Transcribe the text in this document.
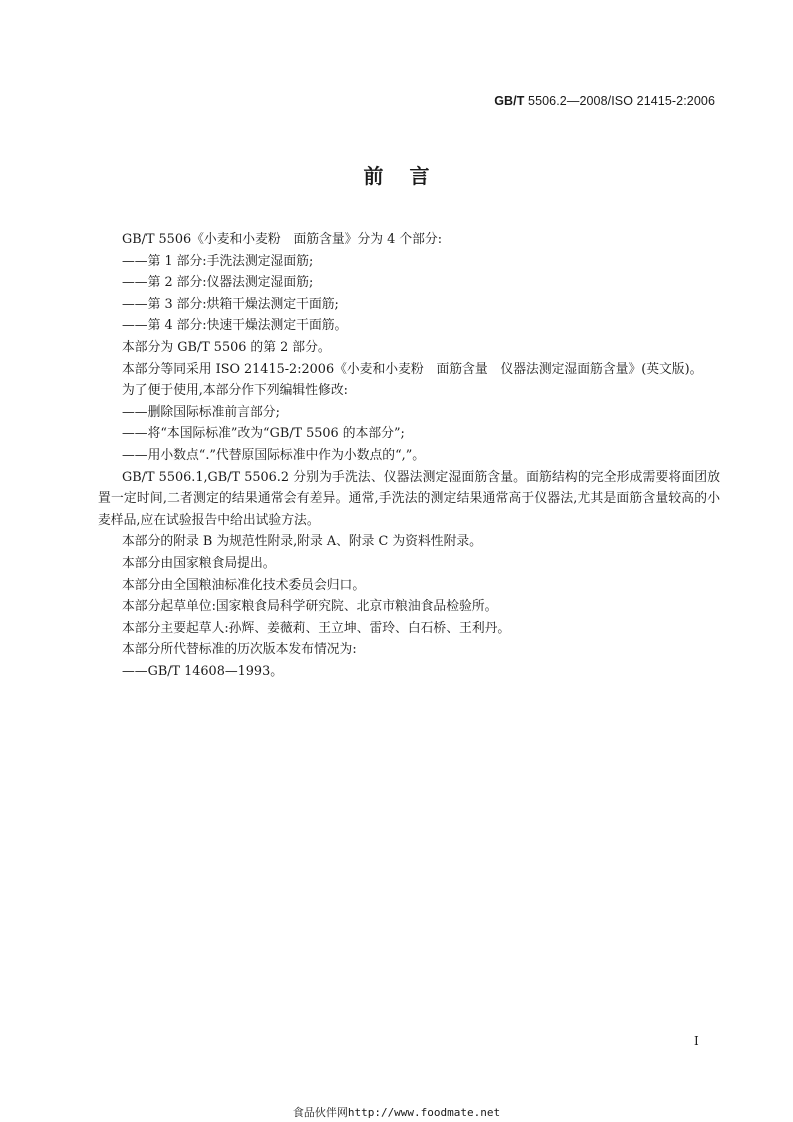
GB/T 5506.2—2008/ISO 21415-2:2006
前言

GB/T 5506《小麦和小麦粉　面筋含量》分为 4 个部分:

——第 1 部分:手洗法测定湿面筋;

——第 2 部分:仪器法测定湿面筋;

——第 3 部分:烘箱干燥法测定干面筋;

——第 4 部分:快速干燥法测定干面筋。

本部分为 GB/T 5506 的第 2 部分。

本部分等同采用 ISO 21415-2:2006《小麦和小麦粉　面筋含量　仪器法测定湿面筋含量》(英文版)。

为了便于使用,本部分作下列编辑性修改:

——删除国际标准前言部分;

——将“本国际标准”改为“GB/T 5506 的本部分”;

——用小数点“.”代替原国际标准中作为小数点的“,”。

GB/T 5506.1,GB/T 5506.2 分别为手洗法、仪器法测定湿面筋含量。面筋结构的完全形成需要将面团放置一定时间,二者测定的结果通常会有差异。通常,手洗法的测定结果通常高于仪器法,尤其是面筋含量较高的小麦样品,应在试验报告中给出试验方法。

本部分的附录 B 为规范性附录,附录 A、附录 C 为资料性附录。

本部分由国家粮食局提出。

本部分由全国粮油标准化技术委员会归口。

本部分起草单位:国家粮食局科学研究院、北京市粮油食品检验所。

本部分主要起草人:孙辉、姜薇莉、王立坤、雷玲、白石桥、王利丹。

本部分所代替标准的历次版本发布情况为:

——GB/T 14608—1993。

I
食品伙伴网http://www.foodmate.net
